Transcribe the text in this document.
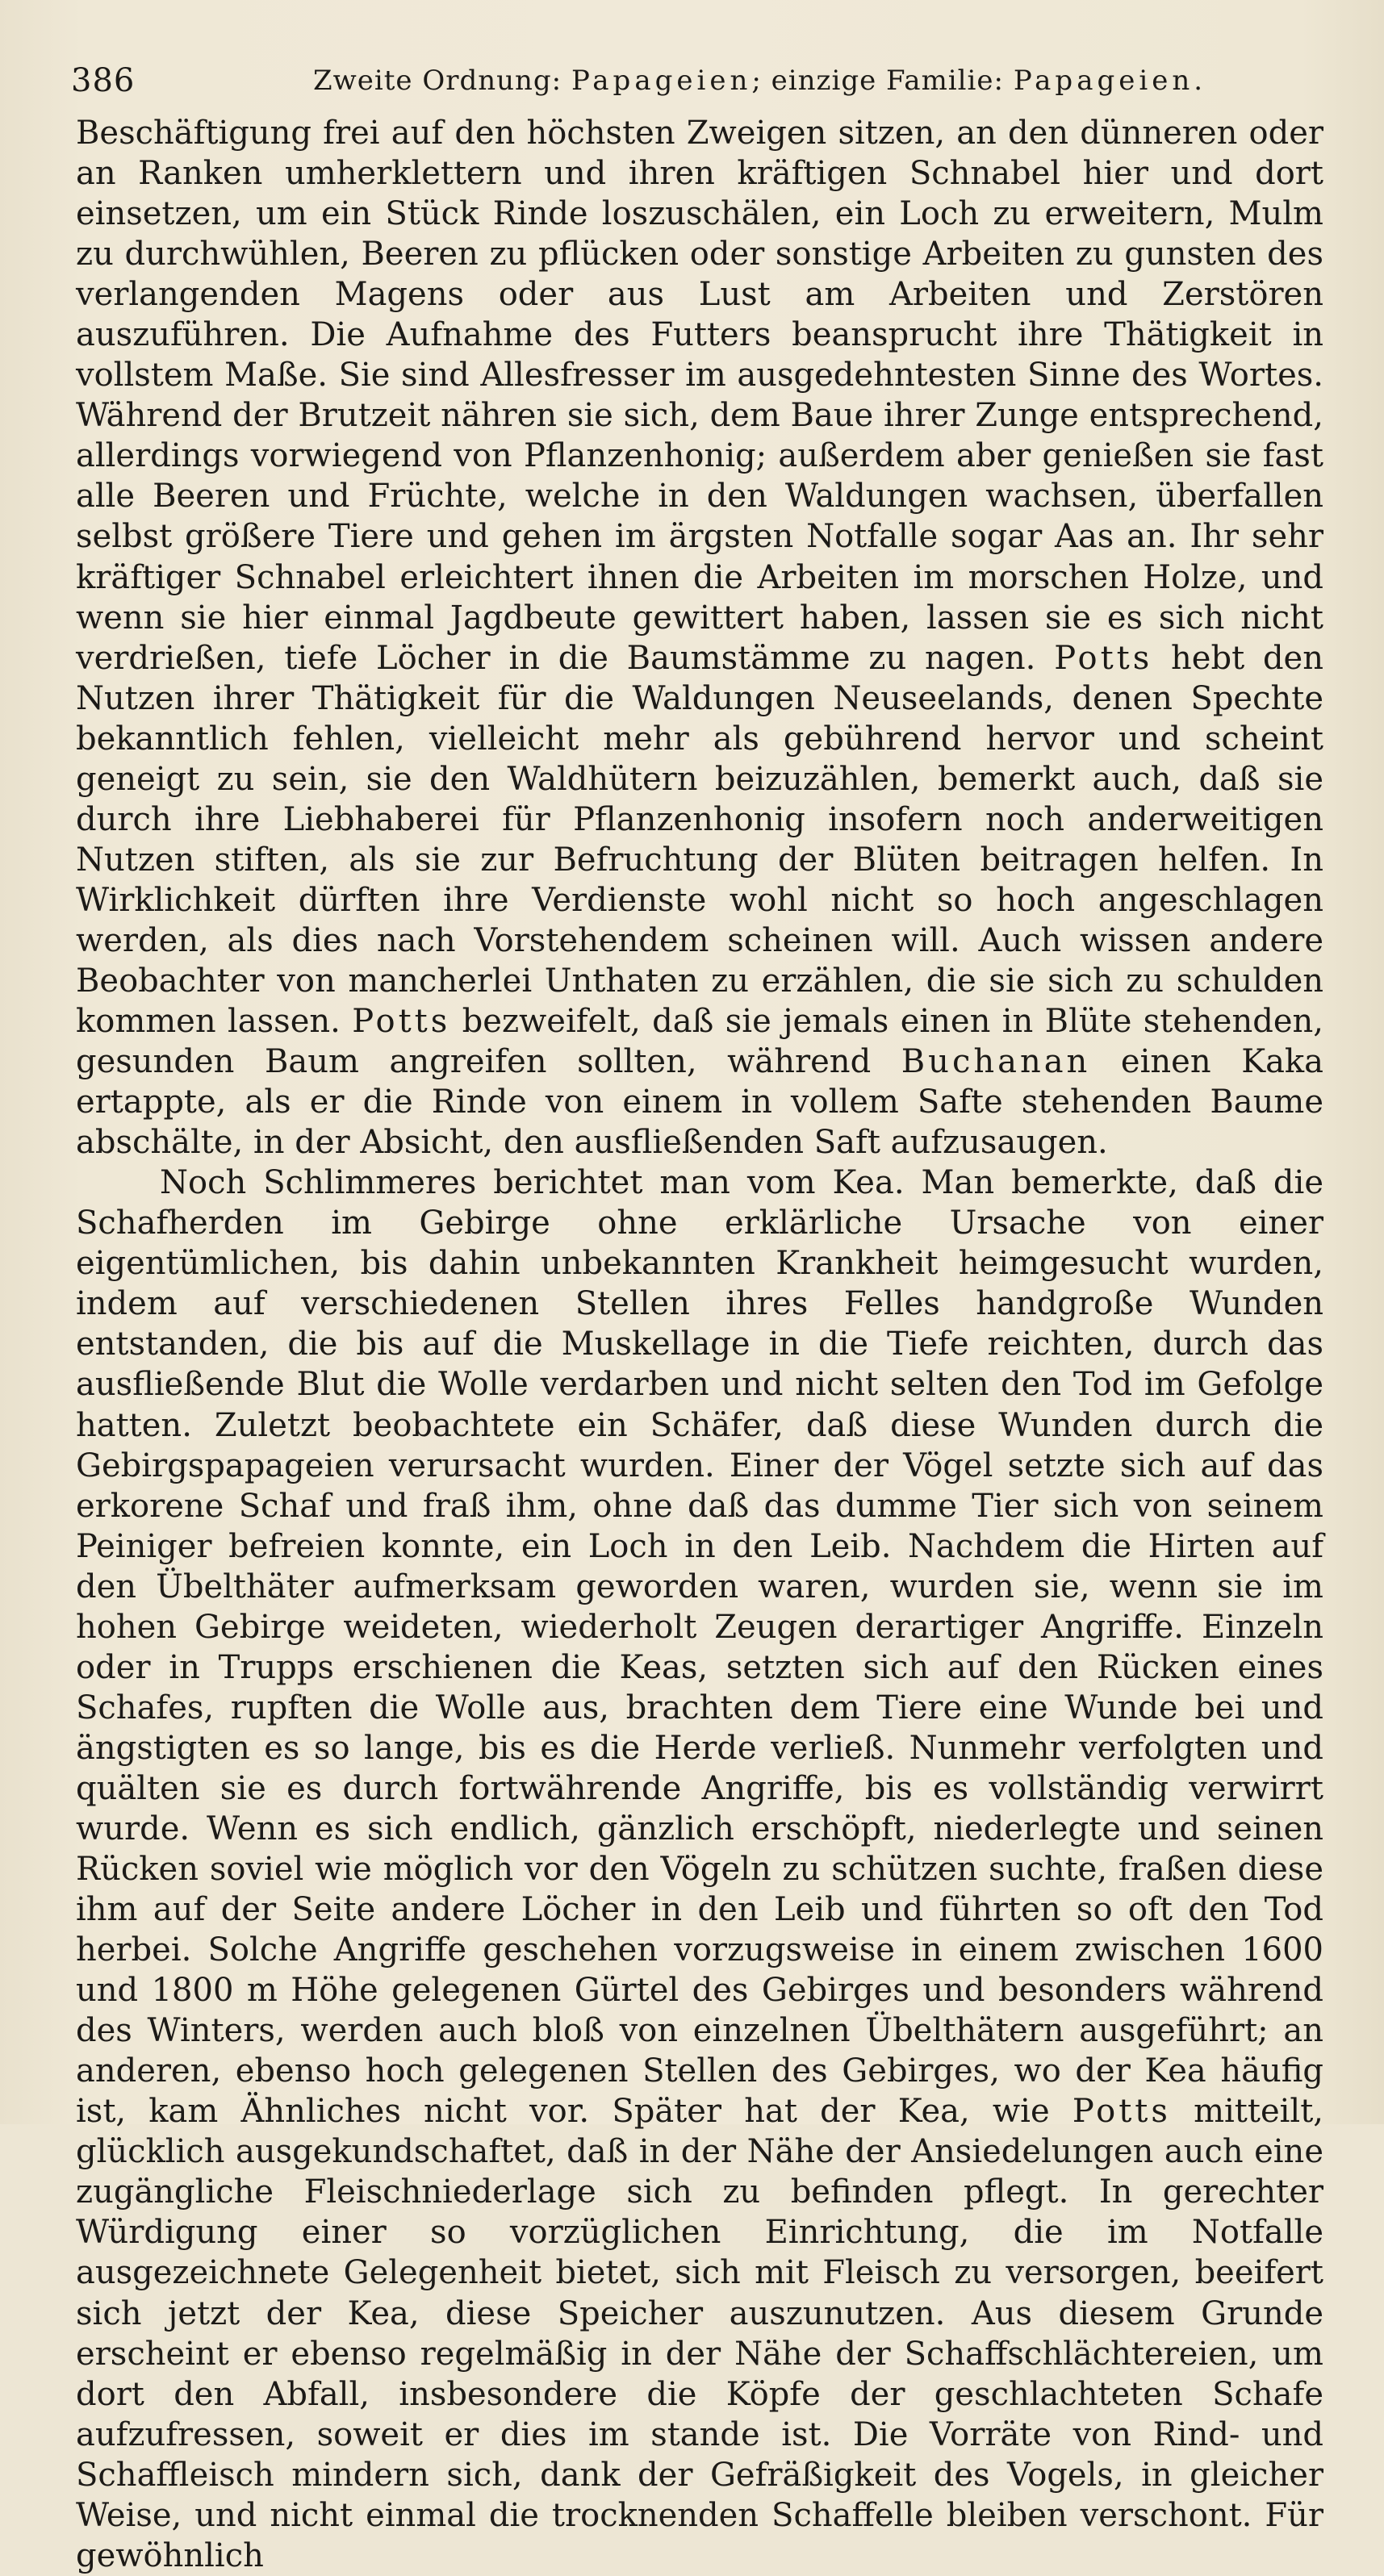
386	Zweite Ordnung: Papageien; einzige Familie: Papageien.

Beschäftigung frei auf den höchsten Zweigen sitzen, an den dünneren oder an Ranken umherklettern und ihren kräftigen Schnabel hier und dort einsetzen, um ein Stück Rinde loszuschälen, ein Loch zu erweitern, Mulm zu durchwühlen, Beeren zu pflücken oder sonstige Arbeiten zu gunsten des verlangenden Magens oder aus Lust am Arbeiten und Zerstören auszuführen. Die Aufnahme des Futters beansprucht ihre Thätigkeit in vollstem Maße. Sie sind Allesfresser im ausgedehntesten Sinne des Wortes. Während der Brutzeit nähren sie sich, dem Baue ihrer Zunge entsprechend, allerdings vorwiegend von Pflanzenhonig; außerdem aber genießen sie fast alle Beeren und Früchte, welche in den Waldungen wachsen, überfallen selbst größere Tiere und gehen im ärgsten Notfalle sogar Aas an. Ihr sehr kräftiger Schnabel erleichtert ihnen die Arbeiten im morschen Holze, und wenn sie hier einmal Jagdbeute gewittert haben, lassen sie es sich nicht verdrießen, tiefe Löcher in die Baumstämme zu nagen. Potts hebt den Nutzen ihrer Thätigkeit für die Waldungen Neuseelands, denen Spechte bekanntlich fehlen, vielleicht mehr als gebührend hervor und scheint geneigt zu sein, sie den Waldhütern beizuzählen, bemerkt auch, daß sie durch ihre Liebhaberei für Pflanzenhonig insofern noch anderweitigen Nutzen stiften, als sie zur Befruchtung der Blüten beitragen helfen. In Wirklichkeit dürften ihre Verdienste wohl nicht so hoch angeschlagen werden, als dies nach Vorstehendem scheinen will. Auch wissen andere Beobachter von mancherlei Unthaten zu erzählen, die sie sich zu schulden kommen lassen. Potts bezweifelt, daß sie jemals einen in Blüte stehenden, gesunden Baum angreifen sollten, während Buchanan einen Kaka ertappte, als er die Rinde von einem in vollem Safte stehenden Baume abschälte, in der Absicht, den ausfließenden Saft aufzusaugen.

Noch Schlimmeres berichtet man vom Kea. Man bemerkte, daß die Schafherden im Gebirge ohne erklärliche Ursache von einer eigentümlichen, bis dahin unbekannten Krankheit heimgesucht wurden, indem auf verschiedenen Stellen ihres Felles handgroße Wunden entstanden, die bis auf die Muskellage in die Tiefe reichten, durch das ausfließende Blut die Wolle verdarben und nicht selten den Tod im Gefolge hatten. Zuletzt beobachtete ein Schäfer, daß diese Wunden durch die Gebirgspapageien verursacht wurden. Einer der Vögel setzte sich auf das erkorene Schaf und fraß ihm, ohne daß das dumme Tier sich von seinem Peiniger befreien konnte, ein Loch in den Leib. Nachdem die Hirten auf den Übelthäter aufmerksam geworden waren, wurden sie, wenn sie im hohen Gebirge weideten, wiederholt Zeugen derartiger Angriffe. Einzeln oder in Trupps erschienen die Keas, setzten sich auf den Rücken eines Schafes, rupften die Wolle aus, brachten dem Tiere eine Wunde bei und ängstigten es so lange, bis es die Herde verließ. Nunmehr verfolgten und quälten sie es durch fortwährende Angriffe, bis es vollständig verwirrt wurde. Wenn es sich endlich, gänzlich erschöpft, niederlegte und seinen Rücken soviel wie möglich vor den Vögeln zu schützen suchte, fraßen diese ihm auf der Seite andere Löcher in den Leib und führten so oft den Tod herbei. Solche Angriffe geschehen vorzugsweise in einem zwischen 1600 und 1800 m Höhe gelegenen Gürtel des Gebirges und besonders während des Winters, werden auch bloß von einzelnen Übelthätern ausgeführt; an anderen, ebenso hoch gelegenen Stellen des Gebirges, wo der Kea häufig ist, kam Ähnliches nicht vor. Später hat der Kea, wie Potts mitteilt, glücklich ausgekundschaftet, daß in der Nähe der Ansiedelungen auch eine zugängliche Fleischniederlage sich zu befinden pflegt. In gerechter Würdigung einer so vorzüglichen Einrichtung, die im Notfalle ausgezeichnete Gelegenheit bietet, sich mit Fleisch zu versorgen, beeifert sich jetzt der Kea, diese Speicher auszunutzen. Aus diesem Grunde erscheint er ebenso regelmäßig in der Nähe der Schaffschlächtereien, um dort den Abfall, insbesondere die Köpfe der geschlachteten Schafe aufzufressen, soweit er dies im stande ist. Die Vorräte von Rind- und Schaffleisch mindern sich, dank der Gefräßigkeit des Vogels, in gleicher Weise, und nicht einmal die trocknenden Schaffelle bleiben verschont. Für gewöhnlich
